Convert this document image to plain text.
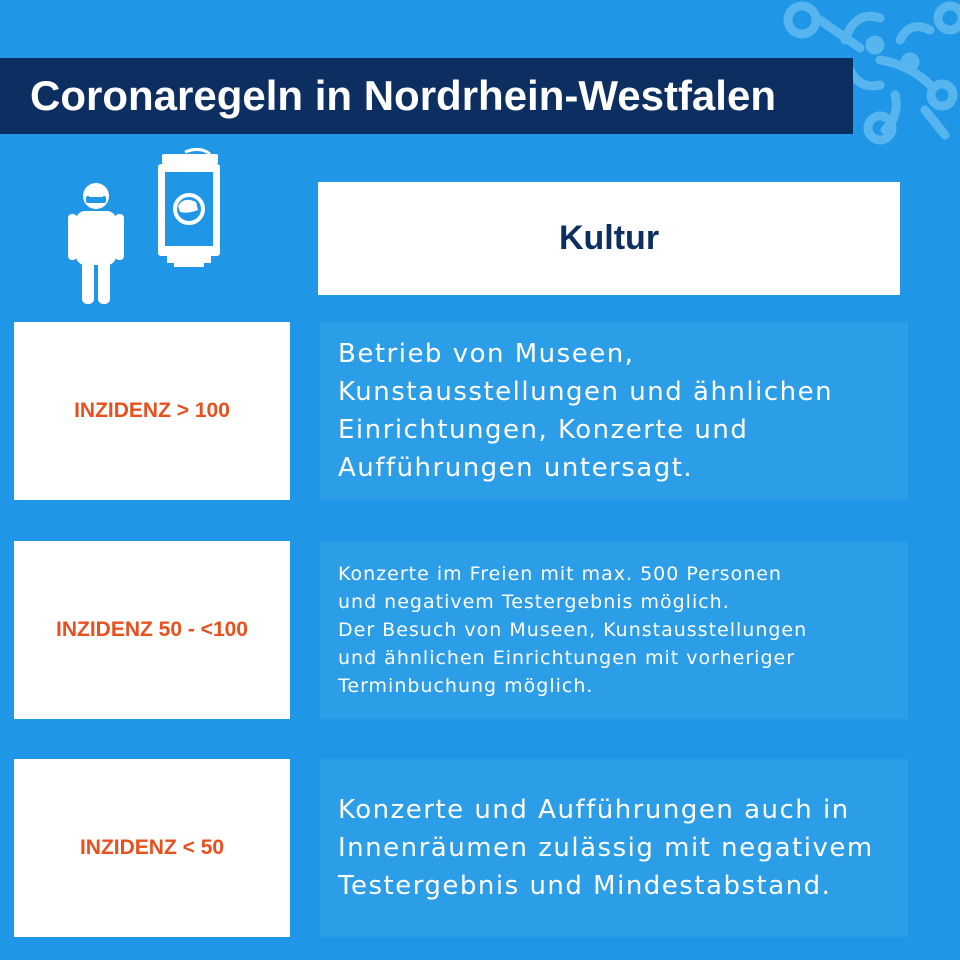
Coronaregeln in Nordrhein-Westfalen
Kultur
INZIDENZ > 100
Betrieb von Museen,
Kunstausstellungen und ähnlichen
Einrichtungen, Konzerte und
Aufführungen untersagt.
INZIDENZ 50 - <100
Konzerte im Freien mit max. 500 Personen
und negativem Testergebnis möglich.
Der Besuch von Museen, Kunstausstellungen
und ähnlichen Einrichtungen mit vorheriger
Terminbuchung möglich.
INZIDENZ < 50
Konzerte und Aufführungen auch in
Innenräumen zulässig mit negativem
Testergebnis und Mindestabstand.
